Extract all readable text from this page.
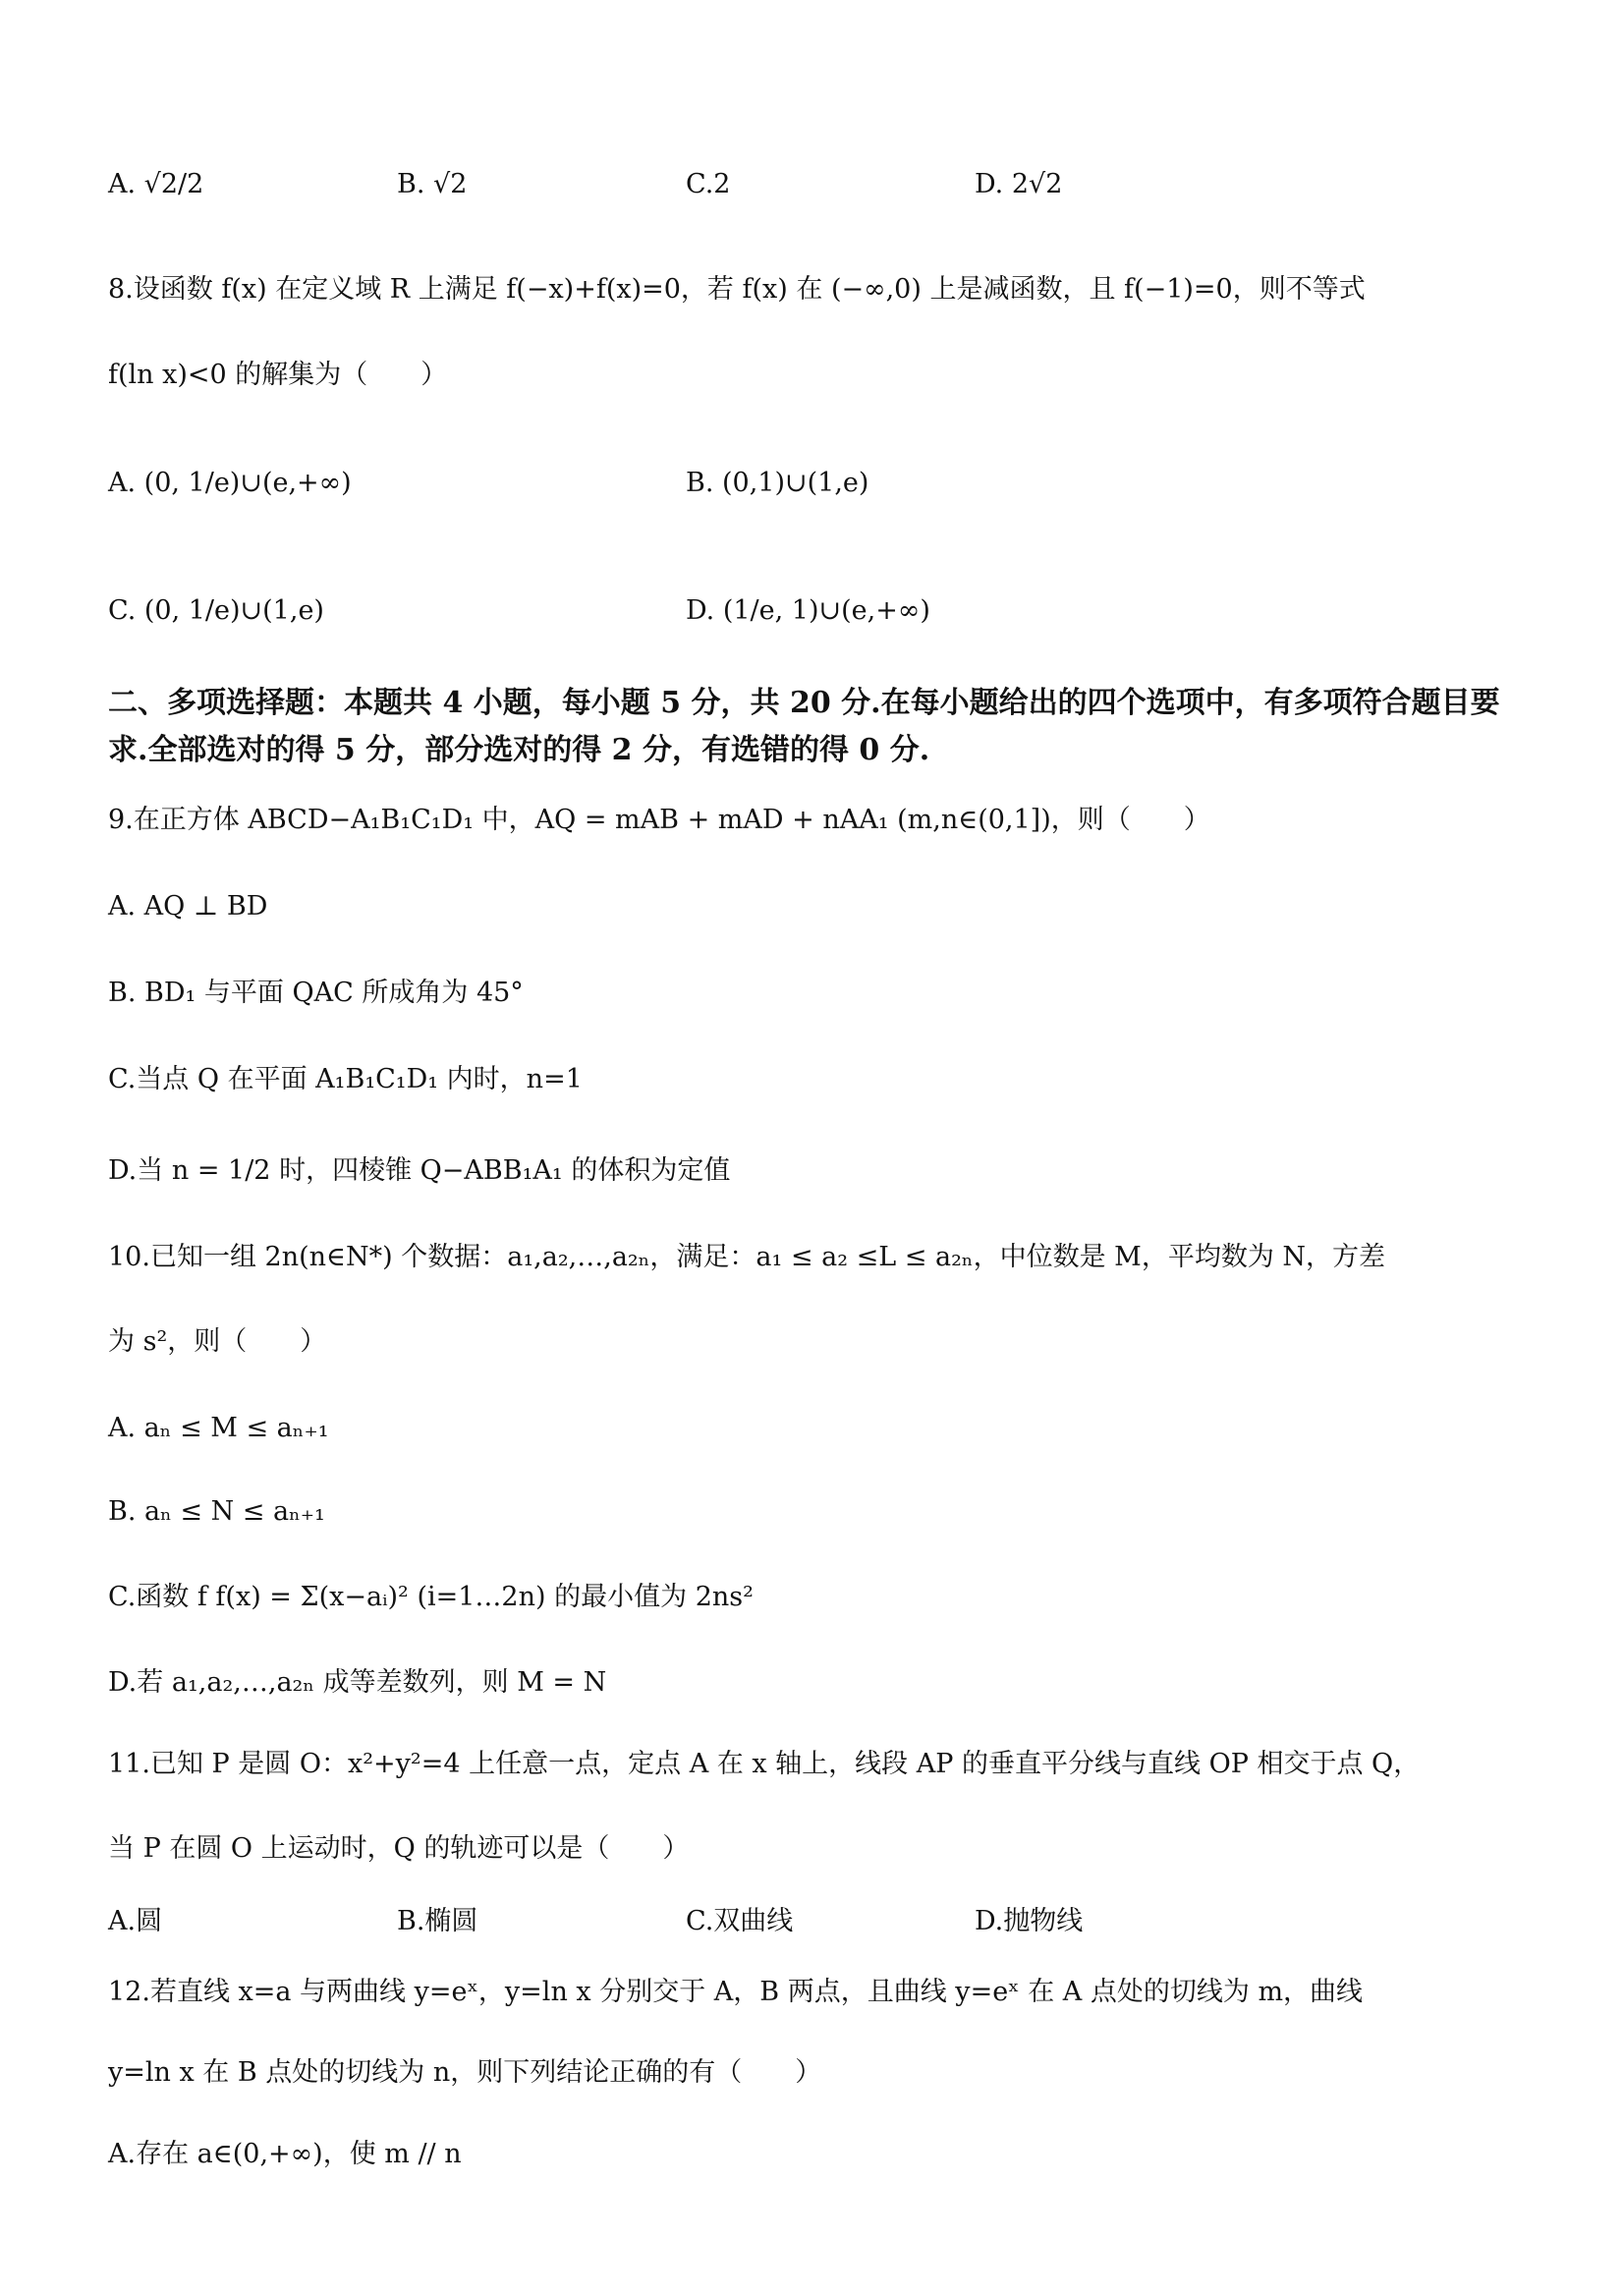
A. √2/2	B. √2	C.2	D. 2√2
8.设函数 f(x) 在定义域 R 上满足 f(−x)+f(x)=0，若 f(x) 在 (−∞,0) 上是减函数，且 f(−1)=0，则不等式
f(ln x)<0 的解集为（　　）
A. (0, 1/e)∪(e,+∞)	B. (0,1)∪(1,e)
C. (0, 1/e)∪(1,e)	D. (1/e, 1)∪(e,+∞)
二、多项选择题：本题共 4 小题，每小题 5 分，共 20 分.在每小题给出的四个选项中，有多项符合题目要求.全部选对的得 5 分，部分选对的得 2 分，有选错的得 0 分.
9.在正方体 ABCD−A₁B₁C₁D₁ 中，AQ = mAB + mAD + nAA₁ (m,n∈(0,1])，则（　　）
A. AQ ⊥ BD
B. BD₁ 与平面 QAC 所成角为 45°
C.当点 Q 在平面 A₁B₁C₁D₁ 内时，n=1
D.当 n = 1/2 时，四棱锥 Q−ABB₁A₁ 的体积为定值
10.已知一组 2n(n∈N*) 个数据：a₁,a₂,…,a₂ₙ，满足：a₁ ≤ a₂ ≤L ≤ a₂ₙ，中位数是 M，平均数为 N，方差
为 s²，则（　　）
A. aₙ ≤ M ≤ aₙ₊₁
B. aₙ ≤ N ≤ aₙ₊₁
C.函数 f f(x) = Σ(x−aᵢ)² (i=1…2n) 的最小值为 2ns²
D.若 a₁,a₂,…,a₂ₙ 成等差数列，则 M = N
11.已知 P 是圆 O：x²+y²=4 上任意一点，定点 A 在 x 轴上，线段 AP 的垂直平分线与直线 OP 相交于点 Q，
当 P 在圆 O 上运动时，Q 的轨迹可以是（　　）
A.圆	B.椭圆	C.双曲线	D.抛物线
12.若直线 x=a 与两曲线 y=eˣ，y=ln x 分别交于 A，B 两点，且曲线 y=eˣ 在 A 点处的切线为 m，曲线
y=ln x 在 B 点处的切线为 n，则下列结论正确的有（　　）
A.存在 a∈(0,+∞)，使 m // n
